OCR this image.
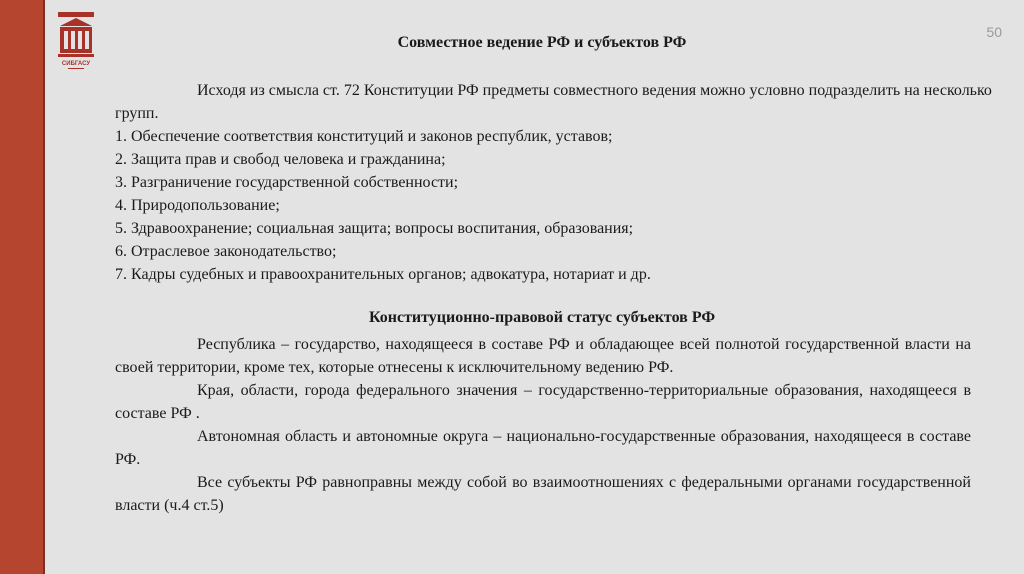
СИБГАСУ
50
Совместное ведение РФ и субъектов РФ
Исходя из смысла ст. 72 Конституции РФ предметы совместного ведения можно условно подразделить на несколько групп.
1. Обеспечение соответствия конституций и законов республик, уставов;
2. Защита прав и свобод человека и гражданина;
3. Разграничение государственной собственности;
4. Природопользование;
5. Здравоохранение; социальная защита; вопросы воспитания, образования;
6. Отраслевое законодательство;
7. Кадры судебных и правоохранительных органов; адвокатура, нотариат и др.
Конституционно-правовой статус субъектов РФ

Республика – государство, находящееся в составе РФ и обладающее всей полнотой государственной власти на своей территории, кроме тех, которые отнесены к исключительному ведению РФ.

Края, области, города федерального значения – государственно-территориальные образования, находящееся в составе РФ .

Автономная область и автономные округа – национально-государственные образования, находящееся в составе РФ.

Все субъекты РФ равноправны между собой во взаимоотношениях с федеральными органами государственной власти (ч.4 ст.5)
